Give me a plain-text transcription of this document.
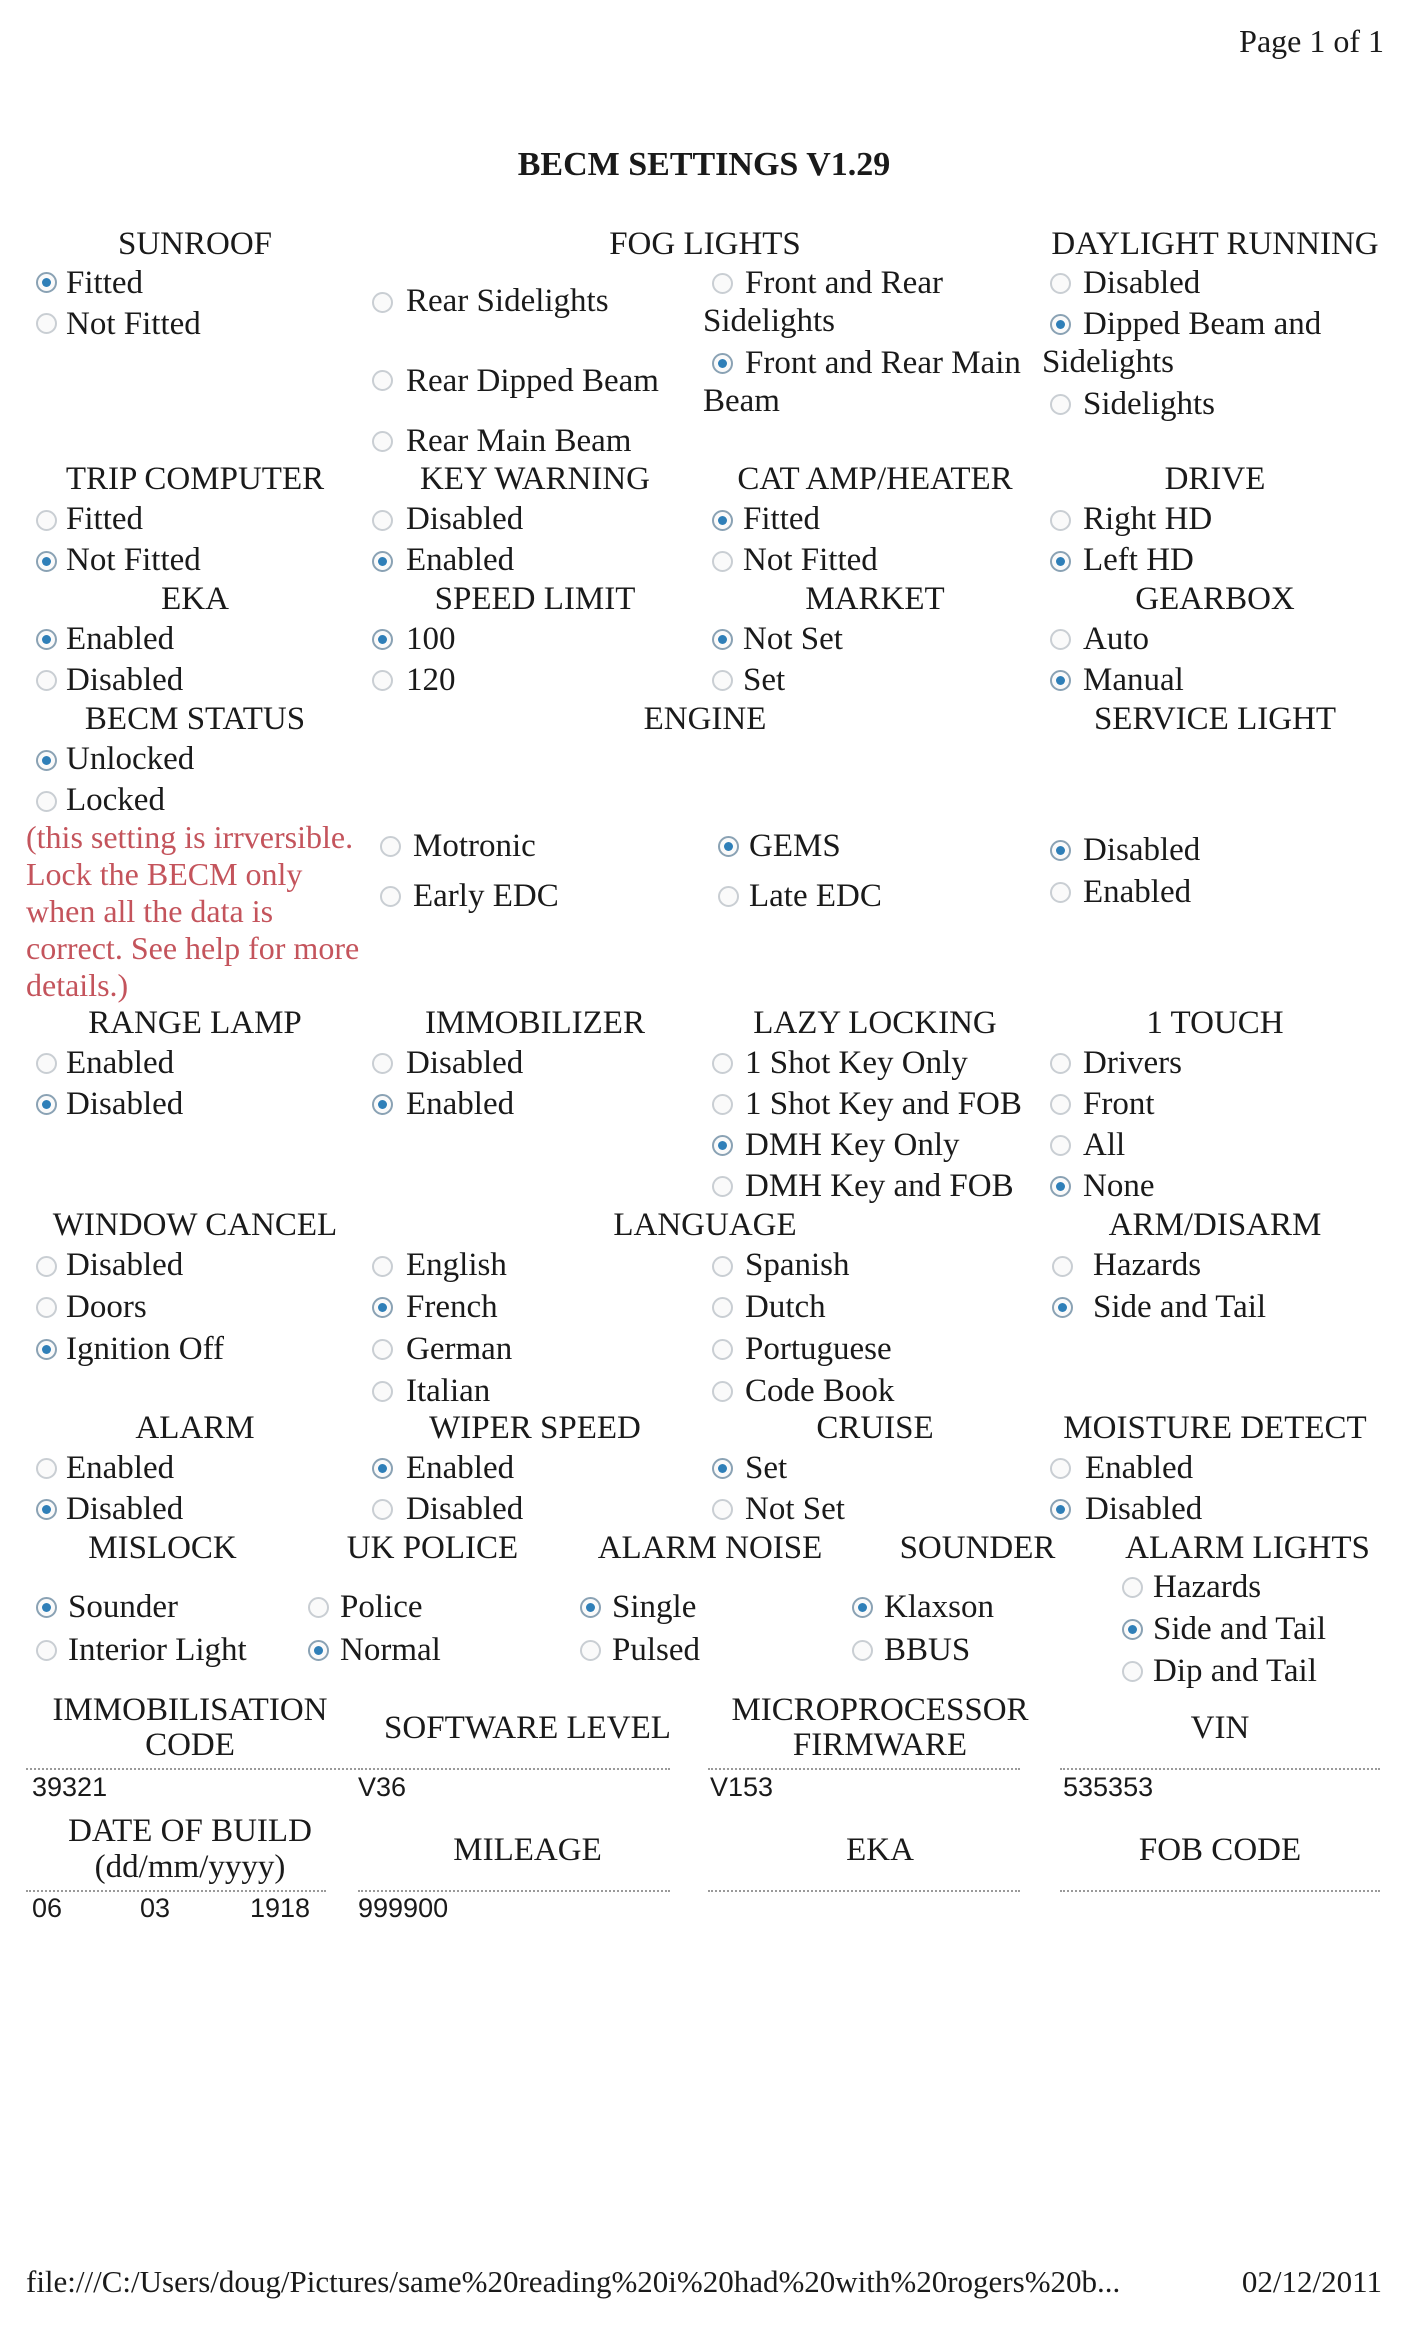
Page 1 of 1
BECM SETTINGS V1.29
SUNROOF
Fitted
Not Fitted
FOG LIGHTS
Rear Sidelights
Rear Dipped Beam
Rear Main Beam
Front and Rear Sidelights
Front and Rear Main Beam
DAYLIGHT RUNNING
Disabled
Dipped Beam and Sidelights
Sidelights
TRIP COMPUTER
Fitted
Not Fitted
KEY WARNING
Disabled
Enabled
CAT AMP/HEATER
Fitted
Not Fitted
DRIVE
Right HD
Left HD
EKA
Enabled
Disabled
SPEED LIMIT
100
120
MARKET
Not Set
Set
GEARBOX
Auto
Manual
BECM STATUS
Unlocked
Locked
(this setting is irrversible. Lock the BECM only when all the data is correct. See help for more details.)
ENGINE
Motronic
Early EDC
GEMS
Late EDC
SERVICE LIGHT
Disabled
Enabled
RANGE LAMP
Enabled
Disabled
IMMOBILIZER
Disabled
Enabled
LAZY LOCKING
1 Shot Key Only
1 Shot Key and FOB
DMH Key Only
DMH Key and FOB
1 TOUCH
Drivers
Front
All
None
WINDOW CANCEL
Disabled
Doors
Ignition Off
LANGUAGE
English
French
German
Italian
Spanish
Dutch
Portuguese
Code Book
ARM/DISARM
Hazards
Side and Tail
ALARM
Enabled
Disabled
WIPER SPEED
Enabled
Disabled
CRUISE
Set
Not Set
MOISTURE DETECT
Enabled
Disabled
MISLOCK
Sounder
Interior Light
UK POLICE
Police
Normal
ALARM NOISE
Single
Pulsed
SOUNDER
Klaxson
BBUS
ALARM LIGHTS
Hazards
Side and Tail
Dip and Tail
IMMOBILISATION
CODE
39321
SOFTWARE LEVEL
V36
MICROPROCESSOR
FIRMWARE
V153
VIN
535353
DATE OF BUILD
(dd/mm/yyyy)
06	03	1918
MILEAGE
999900
EKA	FOB CODE
file:///C:/Users/doug/Pictures/same%20reading%20i%20had%20with%20rogers%20b...	02/12/2011
